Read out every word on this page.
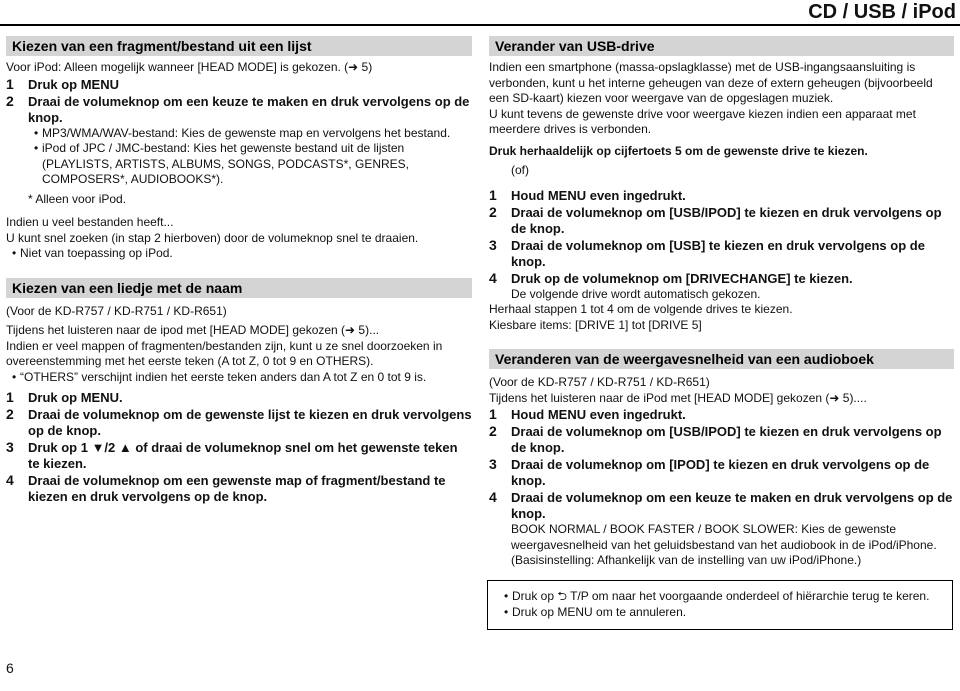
CD / USB / iPod
Kiezen van een fragment/bestand uit een lijst

Voor iPod: Alleen mogelijk wanneer [HEAD MODE] is gekozen. (➜ 5)

1 Druk op MENU

2 Draai de volumeknop om een keuze te maken en druk vervolgens op de knop.

• MP3/WMA/WAV-bestand: Kies de gewenste map en vervolgens het bestand.

• iPod of JPC / JMC-bestand: Kies het gewenste bestand uit de lijsten (PLAYLISTS, ARTISTS, ALBUMS, SONGS, PODCASTS*, GENRES, COMPOSERS*, AUDIOBOOKS*).

* Alleen voor iPod.

Indien u veel bestanden heeft...

U kunt snel zoeken (in stap 2 hierboven) door de volumeknop snel te draaien.

• Niet van toepassing op iPod.

Kiezen van een liedje met de naam

(Voor de KD-R757 / KD-R751 / KD-R651)

Tijdens het luisteren naar de ipod met [HEAD MODE] gekozen (➜ 5)...

Indien er veel mappen of fragmenten/bestanden zijn, kunt u ze snel doorzoeken in overeenstemming met het eerste teken (A tot Z, 0 tot 9 en OTHERS).

• “OTHERS” verschijnt indien het eerste teken anders dan A tot Z en 0 tot 9 is.

1 Druk op MENU.

2 Draai de volumeknop om de gewenste lijst te kiezen en druk vervolgens op de knop.

3 Druk op 1 ▼/2 ▲ of draai de volumeknop snel om het gewenste teken te kiezen.

4 Draai de volumeknop om een gewenste map of fragment/bestand te kiezen en druk vervolgens op de knop.

Verander van USB-drive

Indien een smartphone (massa-opslagklasse) met de USB-ingangsaansluiting is verbonden, kunt u het interne geheugen van deze of extern geheugen (bijvoorbeeld een SD-kaart) kiezen voor weergave van de opgeslagen muziek.

U kunt tevens de gewenste drive voor weergave kiezen indien een apparaat met meerdere drives is verbonden.

Druk herhaaldelijk op cijfertoets 5 om de gewenste drive te kiezen.

(of)

1 Houd MENU even ingedrukt.

2 Draai de volumeknop om [USB/IPOD] te kiezen en druk vervolgens op de knop.

3 Draai de volumeknop om [USB] te kiezen en druk vervolgens op de knop.

4 Druk op de volumeknop om [DRIVECHANGE] te kiezen.

De volgende drive wordt automatisch gekozen.

Herhaal stappen 1 tot 4 om de volgende drives te kiezen.

Kiesbare items: [DRIVE 1] tot [DRIVE 5]

Veranderen van de weergavesnelheid van een audioboek

(Voor de KD-R757 / KD-R751 / KD-R651)

Tijdens het luisteren naar de iPod met [HEAD MODE] gekozen (➜ 5)....

1 Houd MENU even ingedrukt.

2 Draai de volumeknop om [USB/IPOD] te kiezen en druk vervolgens op de knop.

3 Draai de volumeknop om [IPOD] te kiezen en druk vervolgens op de knop.

4 Draai de volumeknop om een keuze te maken en druk vervolgens op de knop.

BOOK NORMAL / BOOK FASTER / BOOK SLOWER: Kies de gewenste weergavesnelheid van het geluidsbestand van het audiobook in de iPod/iPhone. (Basisinstelling: Afhankelijk van de instelling van uw iPod/iPhone.)

• Druk op ⮌ T/P om naar het voorgaande onderdeel of hiërarchie terug te keren.

• Druk op MENU om te annuleren.

6
